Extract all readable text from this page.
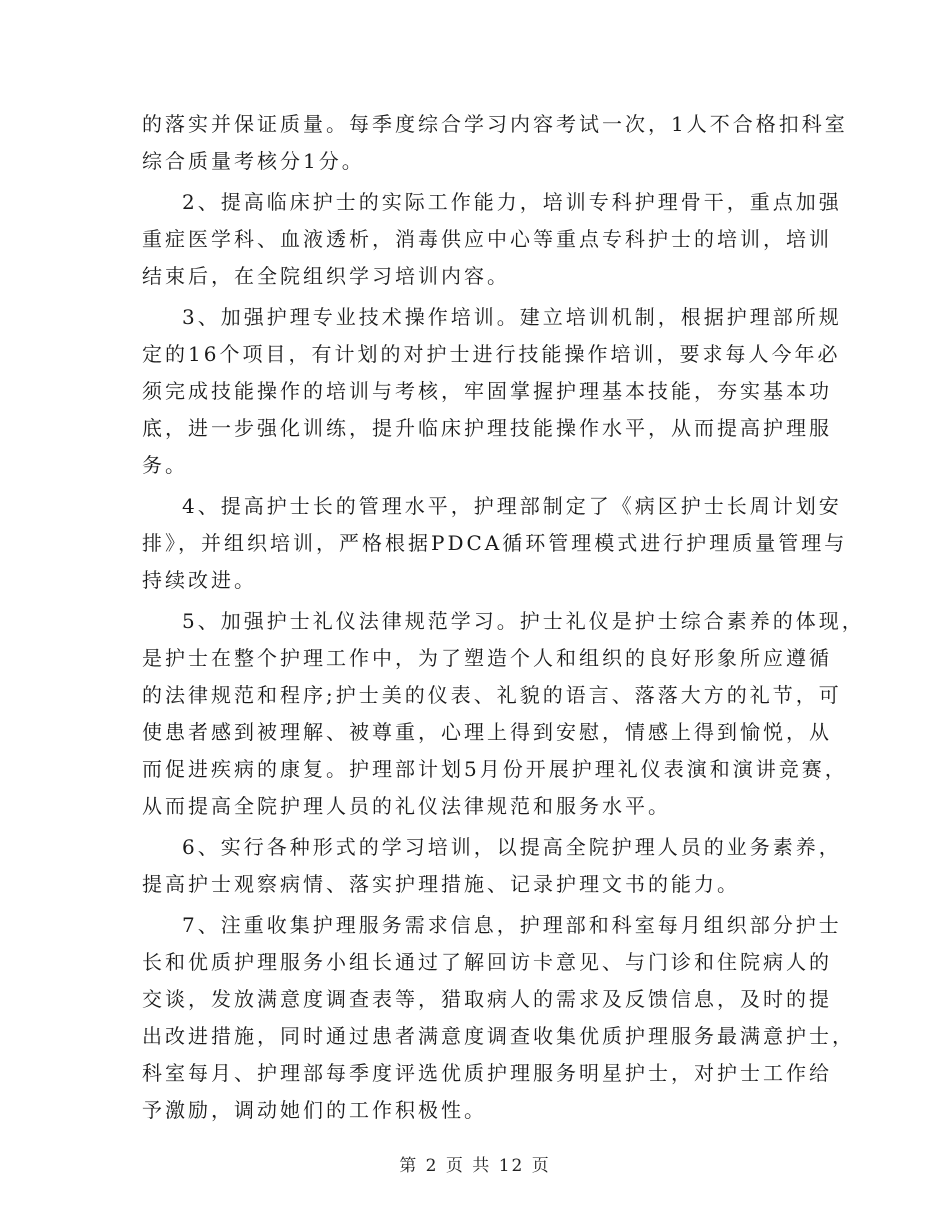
的落实并保证质量。每季度综合学习内容考试一次，1人不合格扣科室
综合质量考核分1分。
2、提高临床护士的实际工作能力，培训专科护理骨干，重点加强
重症医学科、血液透析，消毒供应中心等重点专科护士的培训，培训
结束后，在全院组织学习培训内容。
3、加强护理专业技术操作培训。建立培训机制，根据护理部所规
定的16个项目，有计划的对护士进行技能操作培训，要求每人今年必
须完成技能操作的培训与考核，牢固掌握护理基本技能，夯实基本功
底，进一步强化训练，提升临床护理技能操作水平，从而提高护理服
务。
4、提高护士长的管理水平，护理部制定了《病区护士长周计划安
排》，并组织培训，严格根据PDCA循环管理模式进行护理质量管理与
持续改进。
5、加强护士礼仪法律规范学习。护士礼仪是护士综合素养的体现，
是护士在整个护理工作中，为了塑造个人和组织的良好形象所应遵循
的法律规范和程序;护士美的仪表、礼貌的语言、落落大方的礼节，可
使患者感到被理解、被尊重，心理上得到安慰，情感上得到愉悦，从
而促进疾病的康复。护理部计划5月份开展护理礼仪表演和演讲竞赛，
从而提高全院护理人员的礼仪法律规范和服务水平。
6、实行各种形式的学习培训，以提高全院护理人员的业务素养，
提高护士观察病情、落实护理措施、记录护理文书的能力。
7、注重收集护理服务需求信息，护理部和科室每月组织部分护士
长和优质护理服务小组长通过了解回访卡意见、与门诊和住院病人的
交谈，发放满意度调查表等，猎取病人的需求及反馈信息，及时的提
出改进措施，同时通过患者满意度调查收集优质护理服务最满意护士，
科室每月、护理部每季度评选优质护理服务明星护士，对护士工作给
予激励，调动她们的工作积极性。
第 2 页 共 12 页
